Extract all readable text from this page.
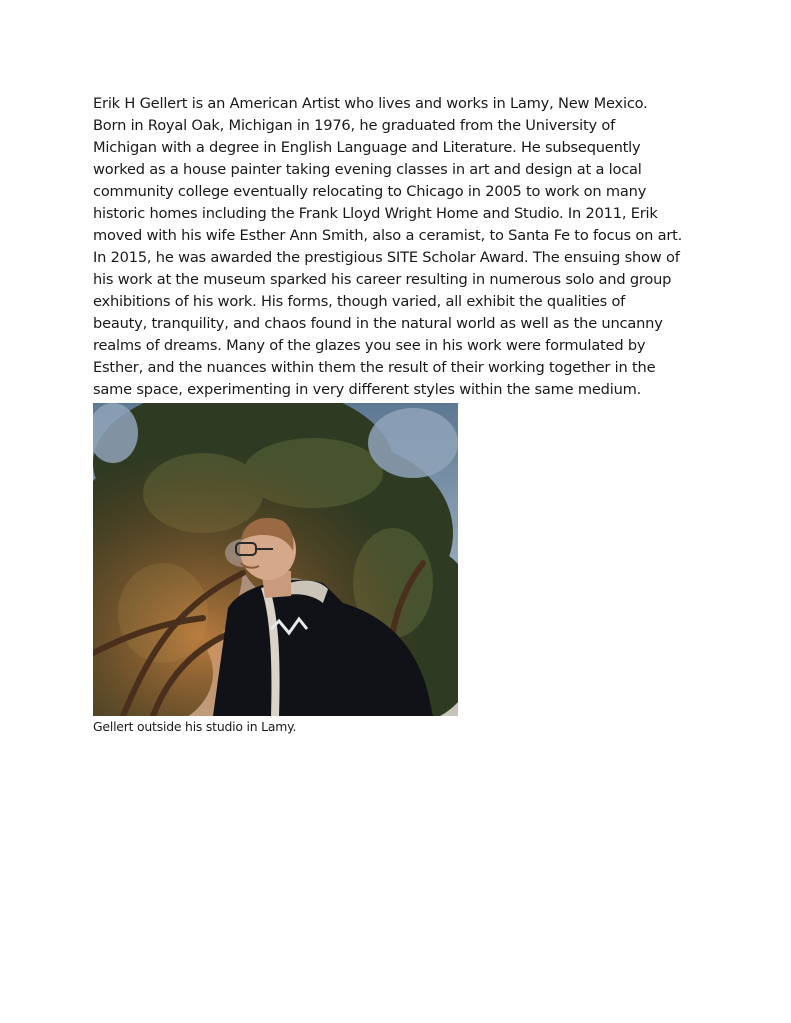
Erik H Gellert is an American Artist who lives and works in Lamy, New Mexico.
Born in Royal Oak, Michigan in 1976, he graduated from the University of
Michigan with a degree in English Language and Literature. He subsequently
worked as a house painter taking evening classes in art and design at a local
community college eventually relocating to Chicago in 2005 to work on many
historic homes including the Frank Lloyd Wright Home and Studio. In 2011, Erik
moved with his wife Esther Ann Smith, also a ceramist, to Santa Fe to focus on art.
In 2015, he was awarded the prestigious SITE Scholar Award. The ensuing show of
his work at the museum sparked his career resulting in numerous solo and group
exhibitions of his work. His forms, though varied, all exhibit the qualities of
beauty, tranquility, and chaos found in the natural world as well as the uncanny
realms of dreams. Many of the glazes you see in his work were formulated by
Esther, and the nuances within them the result of their working together in the
same space, experimenting in very different styles within the same medium.

Gellert outside his studio in Lamy.
